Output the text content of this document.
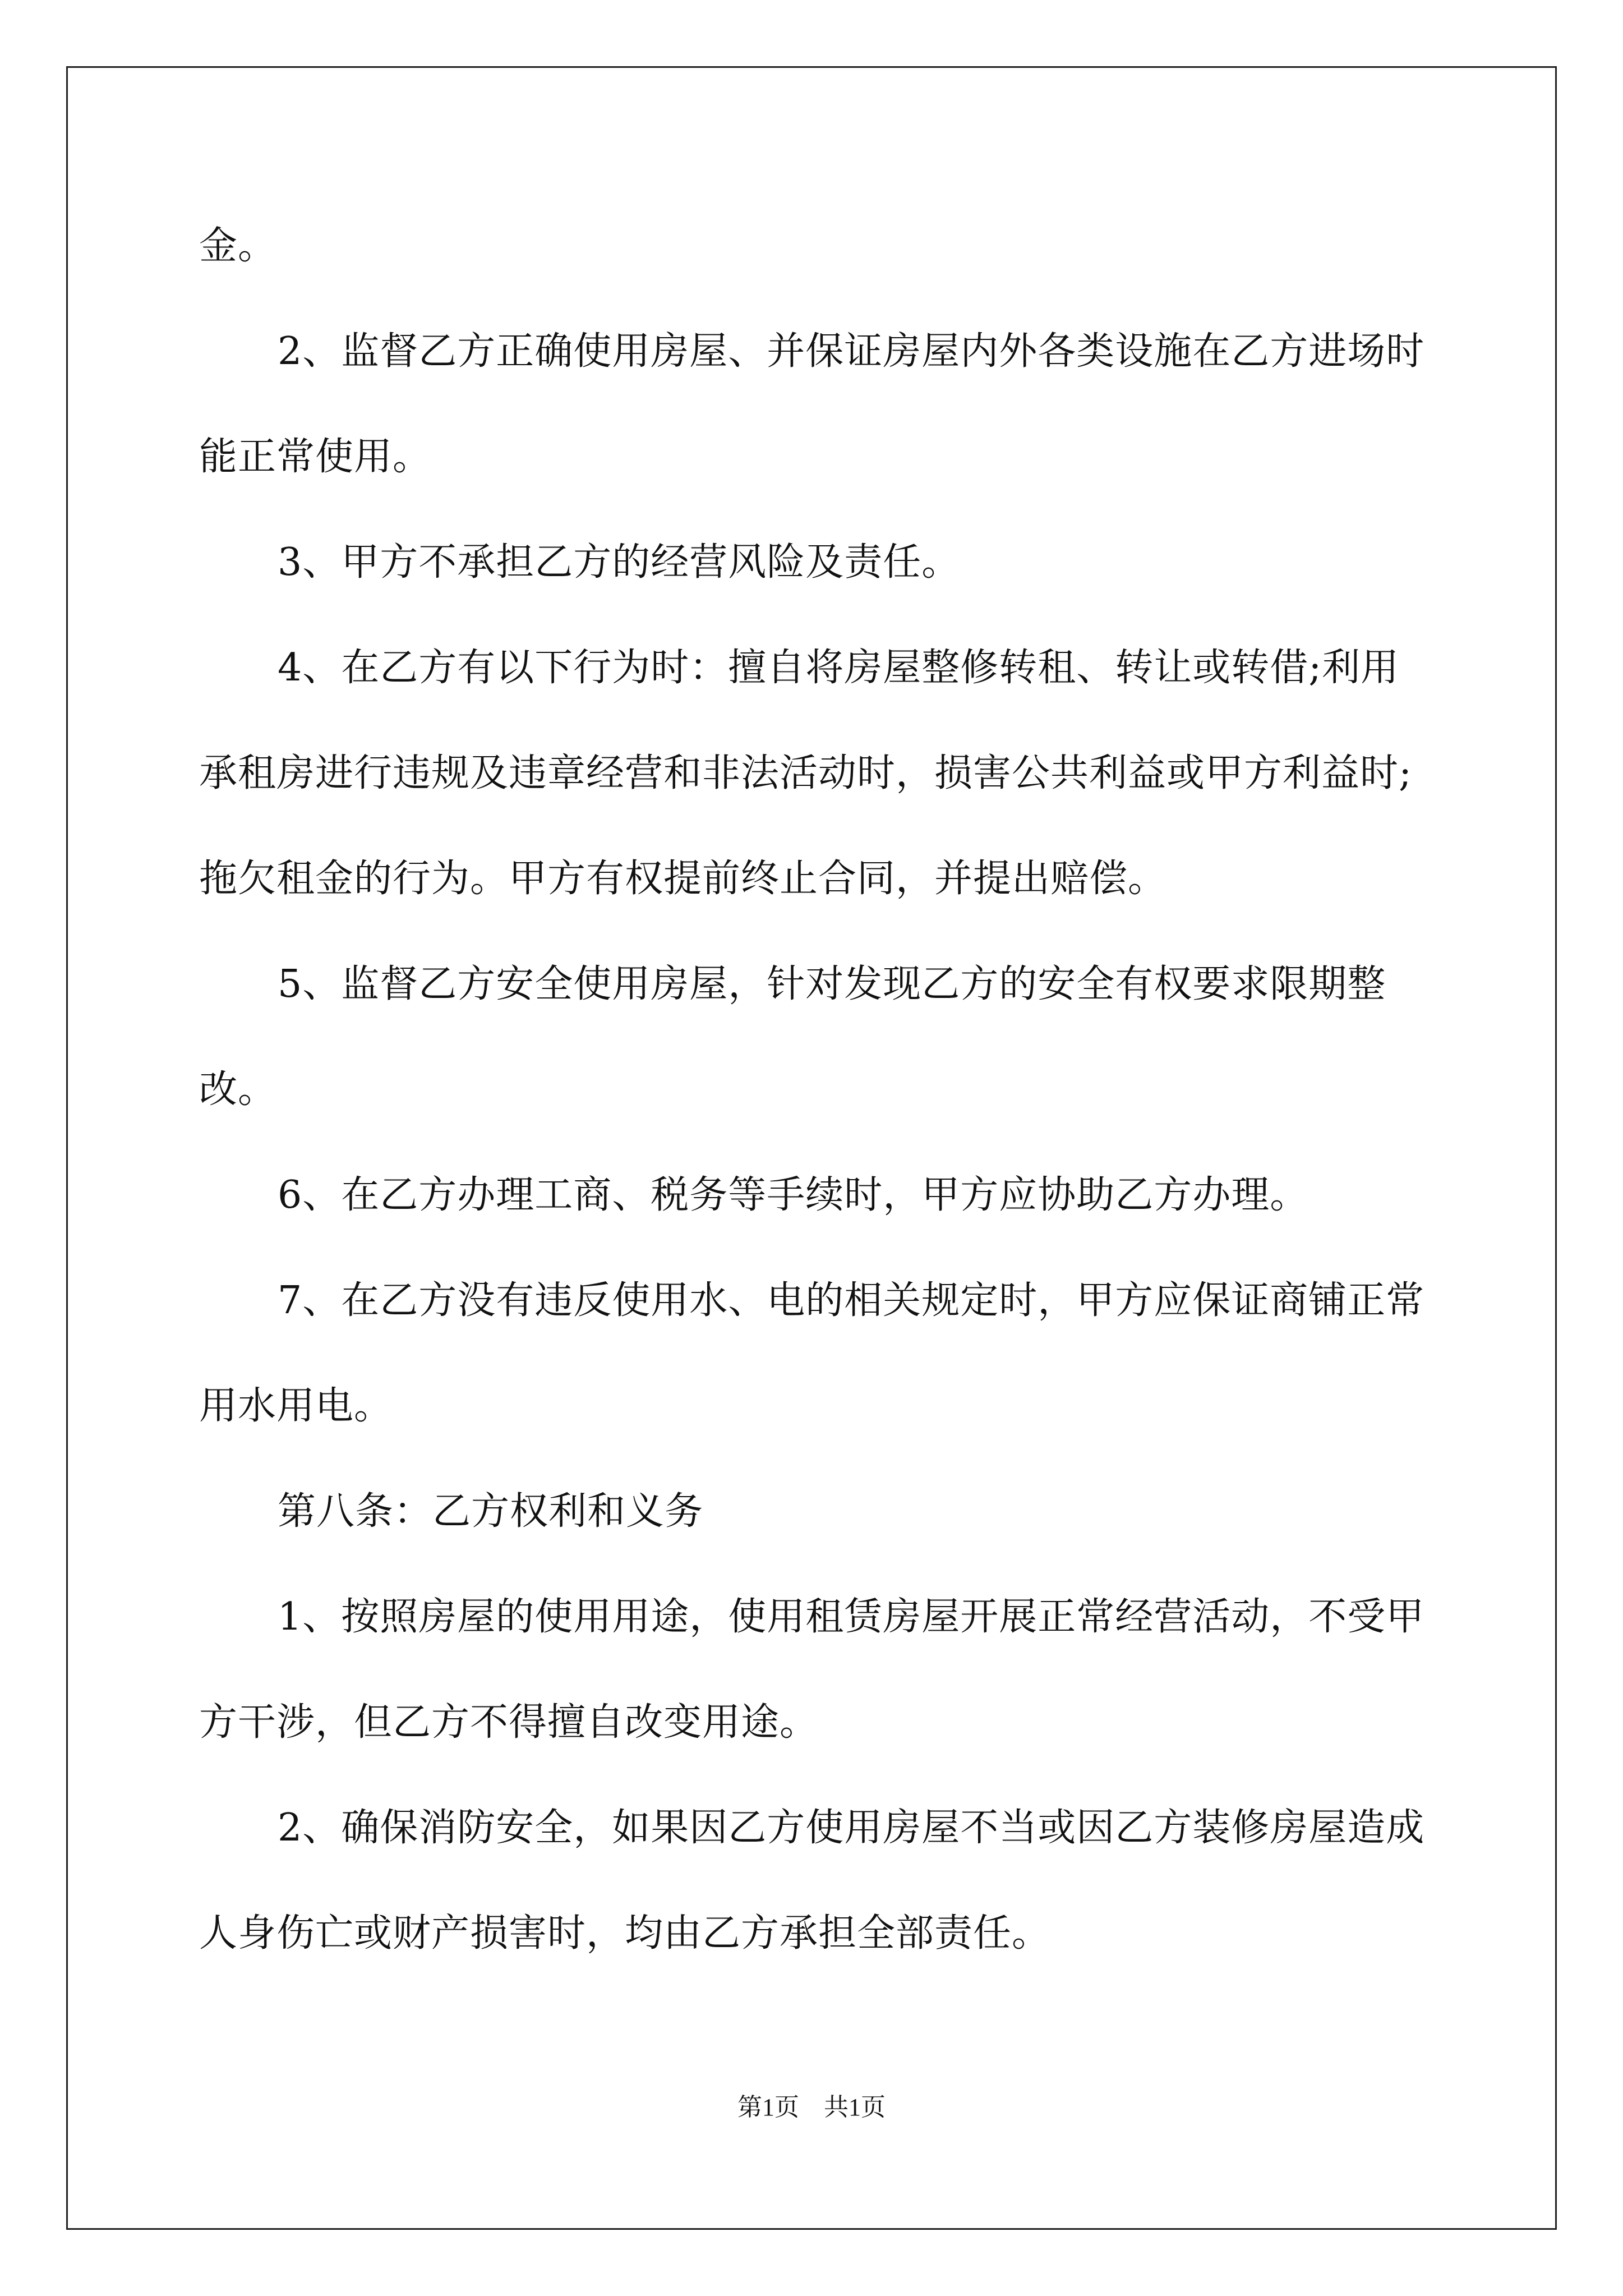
金。

2、监督乙方正确使用房屋、并保证房屋内外各类设施在乙方进场时能正常使用。

3、甲方不承担乙方的经营风险及责任。

4、在乙方有以下行为时：擅自将房屋整修转租、转让或转借;利用承租房进行违规及违章经营和非法活动时，损害公共利益或甲方利益时;拖欠租金的行为。甲方有权提前终止合同，并提出赔偿。

5、监督乙方安全使用房屋，针对发现乙方的安全有权要求限期整改。

6、在乙方办理工商、税务等手续时，甲方应协助乙方办理。

7、在乙方没有违反使用水、电的相关规定时，甲方应保证商铺正常用水用电。

第八条：乙方权利和义务

1、按照房屋的使用用途，使用租赁房屋开展正常经营活动，不受甲方干涉，但乙方不得擅自改变用途。

2、确保消防安全，如果因乙方使用房屋不当或因乙方装修房屋造成人身伤亡或财产损害时，均由乙方承担全部责任。

第1页　共1页
